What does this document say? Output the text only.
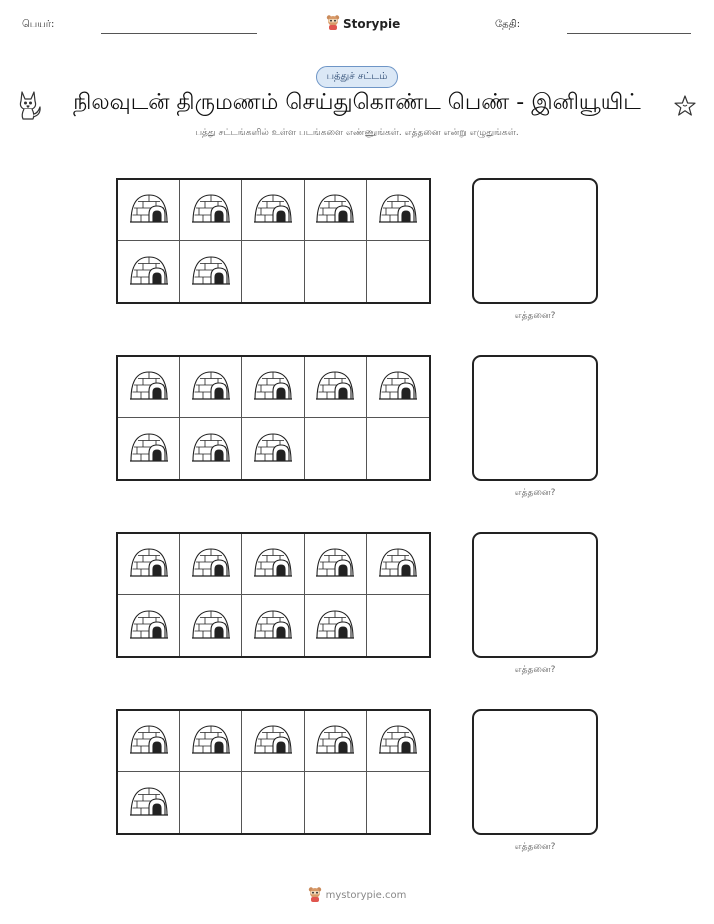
பெயர்:	Storypie	தேதி:
பத்துச் சட்டம்
நிலவுடன் திருமணம் செய்துகொண்ட பெண் - இனியூயிட்
பத்து சட்டங்களில் உள்ள படங்களை எண்ணுங்கள். எத்தனை என்று எழுதுங்கள்.
எத்தனை?
எத்தனை?
எத்தனை?
எத்தனை?
mystorypie.com
